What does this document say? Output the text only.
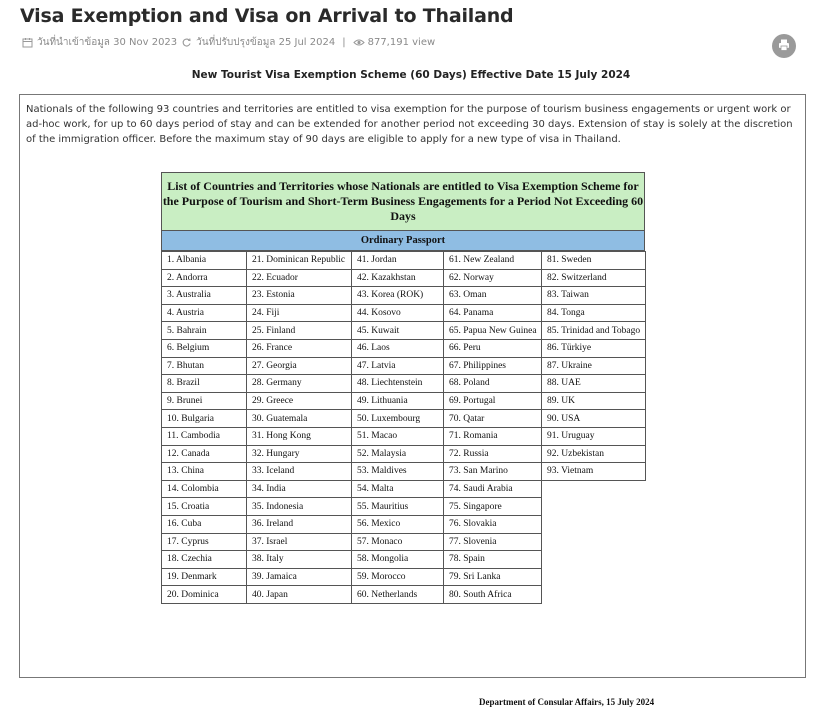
Visa Exemption and Visa on Arrival to Thailand
วันที่นำเข้าข้อมูล 30 Nov 2023 วันที่ปรับปรุงข้อมูล 25 Jul 2024 | 877,191 view
New Tourist Visa Exemption Scheme (60 Days) Effective Date 15 July 2024
Nationals of the following 93 countries and territories are entitled to visa exemption for the purpose of tourism business engagements or urgent work or ad-hoc work, for up to 60 days period of stay and can be extended for another period not exceeding 30 days. Extension of stay is solely at the discretion of the immigration officer. Before the maximum stay of 90 days are eligible to apply for a new type of visa in Thailand.
List of Countries and Territories whose Nationals are entitled to Visa Exemption Scheme for the Purpose of Tourism and Short-Term Business Engagements for a Period Not Exceeding 60 Days
Ordinary Passport
1. Albania	21. Dominican Republic	41. Jordan	61. New Zealand	81. Sweden
2. Andorra	22. Ecuador	42. Kazakhstan	62. Norway	82. Switzerland
3. Australia	23. Estonia	43. Korea (ROK)	63. Oman	83. Taiwan
4. Austria	24. Fiji	44. Kosovo	64. Panama	84. Tonga
5. Bahrain	25. Finland	45. Kuwait	65. Papua New Guinea	85. Trinidad and Tobago
6. Belgium	26. France	46. Laos	66. Peru	86. Türkiye
7. Bhutan	27. Georgia	47. Latvia	67. Philippines	87. Ukraine
8. Brazil	28. Germany	48. Liechtenstein	68. Poland	88. UAE
9. Brunei	29. Greece	49. Lithuania	69. Portugal	89. UK
10. Bulgaria	30. Guatemala	50. Luxembourg	70. Qatar	90. USA
11. Cambodia	31. Hong Kong	51. Macao	71. Romania	91. Uruguay
12. Canada	32. Hungary	52. Malaysia	72. Russia	92. Uzbekistan
13. China	33. Iceland	53. Maldives	73. San Marino	93. Vietnam
14. Colombia	34. India	54. Malta	74. Saudi Arabia	
15. Croatia	35. Indonesia	55. Mauritius	75. Singapore	
16. Cuba	36. Ireland	56. Mexico	76. Slovakia	
17. Cyprus	37. Israel	57. Monaco	77. Slovenia	
18. Czechia	38. Italy	58. Mongolia	78. Spain	
19. Denmark	39. Jamaica	59. Morocco	79. Sri Lanka	
20. Dominica	40. Japan	60. Netherlands	80. South Africa	
Department of Consular Affairs, 15 July 2024
